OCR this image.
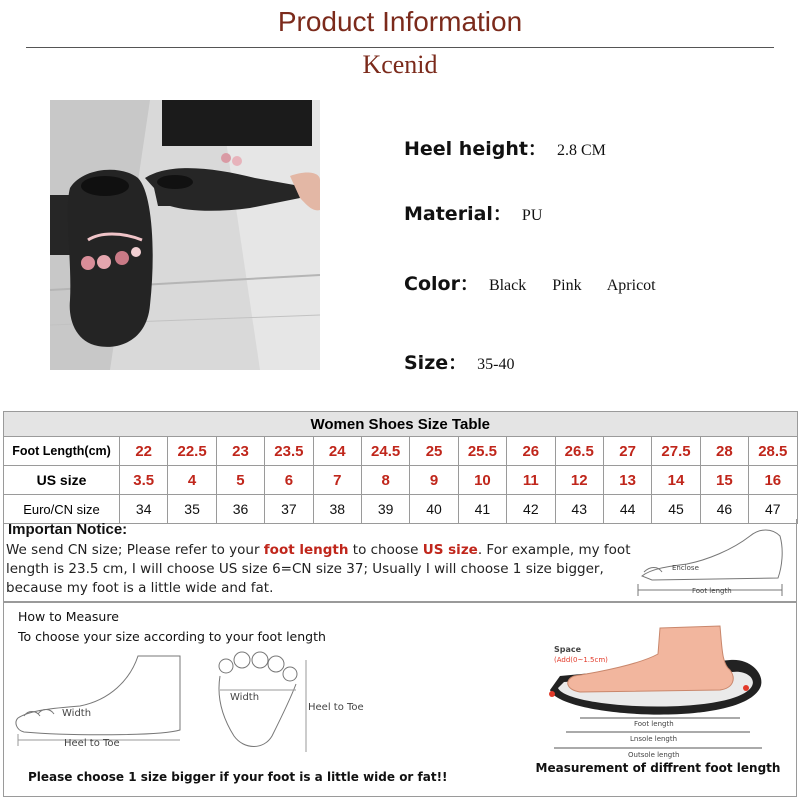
Product Information
Kcenid
Heel height： 2.8 CM
Material： PU
Color： Black Pink Apricot
Size： 35-40
Women Shoes Size Table														
Foot Length(cm)	22	22.5	23	23.5	24	24.5	25	25.5	26	26.5	27	27.5	28	28.5
US size	3.5	4	5	6	7	8	9	10	11	12	13	14	15	16
Euro/CN size	34	35	36	37	38	39	40	41	42	43	44	45	46	47
Importan Notice:
We send CN size; Please refer to your foot length to choose US size. For example, my foot length is 23.5 cm, I will choose US size 6=CN size 37; Usually I will choose 1 size bigger, because my foot is a little wide and fat.
Enclose
Foot length
How to Measure
To choose your size according to your foot length
Width
Heel to Toe
Width
Heel to Toe
Space
(Add(0~1.5cm)
Foot length
Lnsole length
Outsole length
Measurement of diffrent foot length
Please choose 1 size bigger if your foot is a little wide or fat!!
